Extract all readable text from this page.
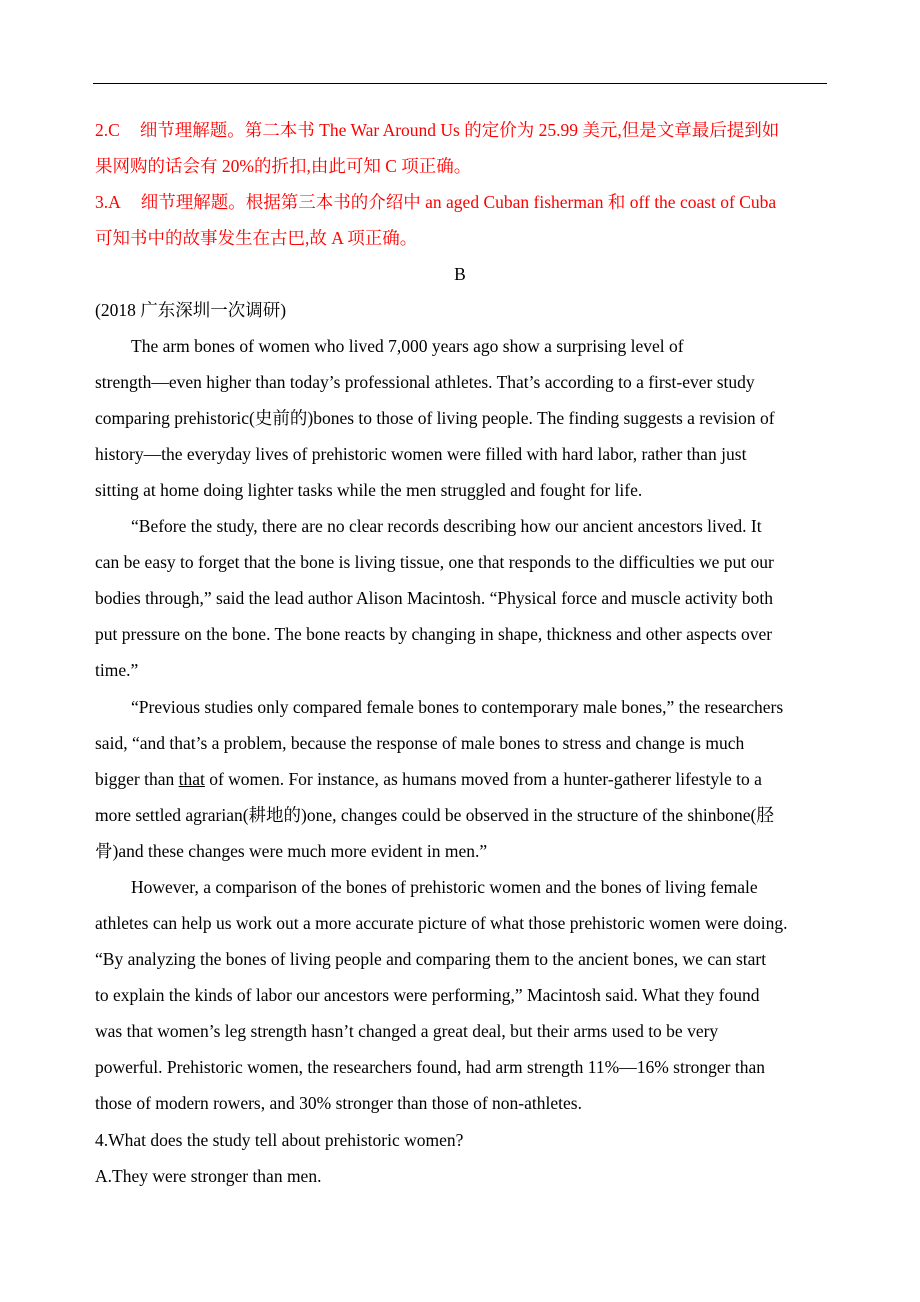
2.C 细节理解题。第二本书 The War Around Us 的定价为 25.99 美元,但是文章最后提到如

果网购的话会有 20%的折扣,由此可知 C 项正确。

3.A 细节理解题。根据第三本书的介绍中 an aged Cuban fisherman 和 off the coast of Cuba

可知书中的故事发生在古巴,故 A 项正确。

B

(2018 广东深圳一次调研)

The arm bones of women who lived 7,000 years ago show a surprising level of

strength—even higher than today’s professional athletes. That’s according to a first-ever study

comparing prehistoric(史前的)bones to those of living people. The finding suggests a revision of

history—the everyday lives of prehistoric women were filled with hard labor, rather than just

sitting at home doing lighter tasks while the men struggled and fought for life.

“Before the study, there are no clear records describing how our ancient ancestors lived. It

can be easy to forget that the bone is living tissue, one that responds to the difficulties we put our

bodies through,” said the lead author Alison Macintosh. “Physical force and muscle activity both

put pressure on the bone. The bone reacts by changing in shape, thickness and other aspects over

time.”

“Previous studies only compared female bones to contemporary male bones,” the researchers

said, “and that’s a problem, because the response of male bones to stress and change is much

bigger than that of women. For instance, as humans moved from a hunter-gatherer lifestyle to a

more settled agrarian(耕地的)one, changes could be observed in the structure of the shinbone(胫

骨)and these changes were much more evident in men.”

However, a comparison of the bones of prehistoric women and the bones of living female

athletes can help us work out a more accurate picture of what those prehistoric women were doing.

“By analyzing the bones of living people and comparing them to the ancient bones, we can start

to explain the kinds of labor our ancestors were performing,” Macintosh said. What they found

was that women’s leg strength hasn’t changed a great deal, but their arms used to be very

powerful. Prehistoric women, the researchers found, had arm strength 11%—16% stronger than

those of modern rowers, and 30% stronger than those of non-athletes.

4.What does the study tell about prehistoric women?

A.They were stronger than men.
